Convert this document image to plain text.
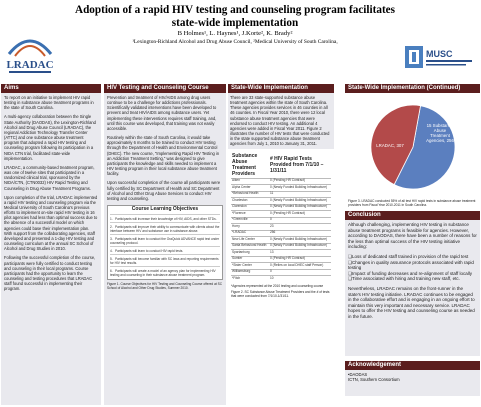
LRADAC
Adoption of a rapid HIV testing and counseling program facilitates
state-wide implementation
B Holmes¹, L. Haynes¹, J.Korte², K. Brady²
¹Lexington-Richland Alcohol and Drug Abuse Council, ²Medical University of South Carolina,
MUSC
Aims

To report on an initiative to implement HIV rapid testing in substance abuse treatment programs in the state of South Carolina.

A multi-agency collaboration between the Single State Authority (DAODAS), the Lexington-Richland Alcohol and Drug Abuse Council (LRADAC), the regional Addiction Technology Transfer Center (ATTC) and one substance abuse treatment program that adopted a rapid HIV testing and counseling program following its participation in a NIDA CTN trial, facilitated state-wide implementation.

LRADAC, a community-based treatment program, was one of twelve sites that participated in a randomized clinical trial, sponsored by the NIDA/CTN, (CTN0032) HIV Rapid Testing and Counseling in Drug Abuse Treatment Programs.

Upon completion of the trial, LRADAC implemented a rapid HIV testing and counseling program via the Medical University of South Carolina's previous efforts to implement on-site rapid HIV testing in 16 pilot agencies had less than optimal success due to the absence of a successful model on which agencies could base their implementation plan. With support from the collaborating agencies, staff developed and presented a 1-day HIV testing and counseling curriculum at the annual SC School of Alcohol and Drug Studies in 2010.

Following the successful completion of the course, participants were fully certified to conduct testing and counseling in their local programs. Course participants had the opportunity to learn the counseling and testing procedures that LRADAC staff found successful in implementing their program.

HIV Testing and Counseling Course

Prevention and treatment of HIV/AIDS among drug users continue to be a challenge for addictions professionals. Scientifically validated interventions have been developed to prevent and treat HIV/AIDS among substance users. Yet implementing these interventions requires staff training, and, until this course was developed, that training was not easily accessible.

Routinely within the state of South Carolina, it would take approximately 6 months to be trained to conduct HIV testing through the Department of Health and Environmental Control (DHEC). The new course, "Implementing Rapid HIV Testing in an Addiction Treatment Setting," was designed to give participants the knowledge and skills needed to implement a HIV testing program in their local substance abuse treatment facility.

Upon successful completion of the course all participants were fully certified by SC Department of Health and SC Department of Alcohol and Other Drug Abuse Services to conduct HIV testing and counseling.

Course Learning Objectives
1. Participants will increase their knowledge of HIV, AIDS, and other STDs.
2. Participants will improve their ability to communicate with clients about the interface between HIV and substance use in substance abuse.
3. Participants will learn to conduct the OraQuick ADVANCE rapid test under counseling protocol.
4. Participants will learn to conduct HIV rapid tests.
5. Participants will become familiar with SC laws and reporting requirements for HIV test results.
6. Participants will create a model of an agency plan for implementing HIV testing and counseling in their substance abuse treatment program.
Figure 1. Course Objectives for HIV Testing and Counseling Course offered at SC School of Alcohol and Other Drug Studies, Summer 2010.
State-Wide Implementation

There are 33 state-supported substance abuse treatment agencies within the state of South Carolina. These agencies provides services in 46 counties in all 46 counties. In Fiscal Year 2010, there were 12 local substance abuse treatment agencies that were endorsed to conduct HIV testing. An additional 4 agencies were added in Fiscal Year 2011. Figure 2 illustrates the number of HIV tests that were conducted in the state supported substance abuse treatment agencies from July 1, 2010 to January 31, 2011.

Substance Abuse Treatment Providers	# HIV Rapid Tests Provided from 7/1/10 – 1/31/11
Aiken	0 (Pending HR Contract)
Alpha Center	0 (Newly Funded Building Infrastructure)
*Behavioral Health	11
Charleston	0 (Newly Funded Building Infrastructure)
Clarendon	0 (Newly Funded Building Infrastructure)
*Florence	0 (Pending HR Contract)
*Greenville	0
Horry	23
*LRADAC	256
New Life Center	0 (Newly Funded Building Infrastructure)
Santa Behavioral Health	0 (Newly Funded Building Infrastructure)
Spartanburg	13
Sumter	0 (Pending HR Contract)
*Sister Center	0 (Relies on local DHEC staff Person)
Williamsburg	0
*Fitch	10
*Agencies represented at the 2010 testing and counseling course
Figure 2. SC Substance Abuse Treatment Providers and the # of tests that were conducted from 7/1/10-1/31/11.
State-Wide Implementation (Continued)
LRADAC, 307
15 Substance Abuse Treatment Agencies, 256
Figure 3. LRADAC conducted 55% of all test HIV rapid tests in substance abuse treatment providers from Fiscal Year 2010-2011 in South Carolina.
Conclusion

Although challenging, implementing HIV testing in substance abuse treatment programs is feasible for agencies. However, according to DAODAS, there have been a number of reasons for the less than optimal success of the HIV testing initiative including:

❑Loss of dedicated staff trained in provision of the rapid test
❑Changes in quality assurance protocols associated with rapid testing
❑Impact of funding decreases and re-alignment of staff locally
❑Time associated with hiring and training new staff, etc.

Nevertheless, LRADAC remains on the front-runner in the state's HIV testing initiative. LRADAC continues to be engaged in the collaborative effort and is engaging in an ongoing effort to maintain this very important and necessary service. LRADAC hopes to offer the HIV testing and counseling course as needed in the future.

Acknowledgement
•DAODAS
ICTN, Southern Consortium
